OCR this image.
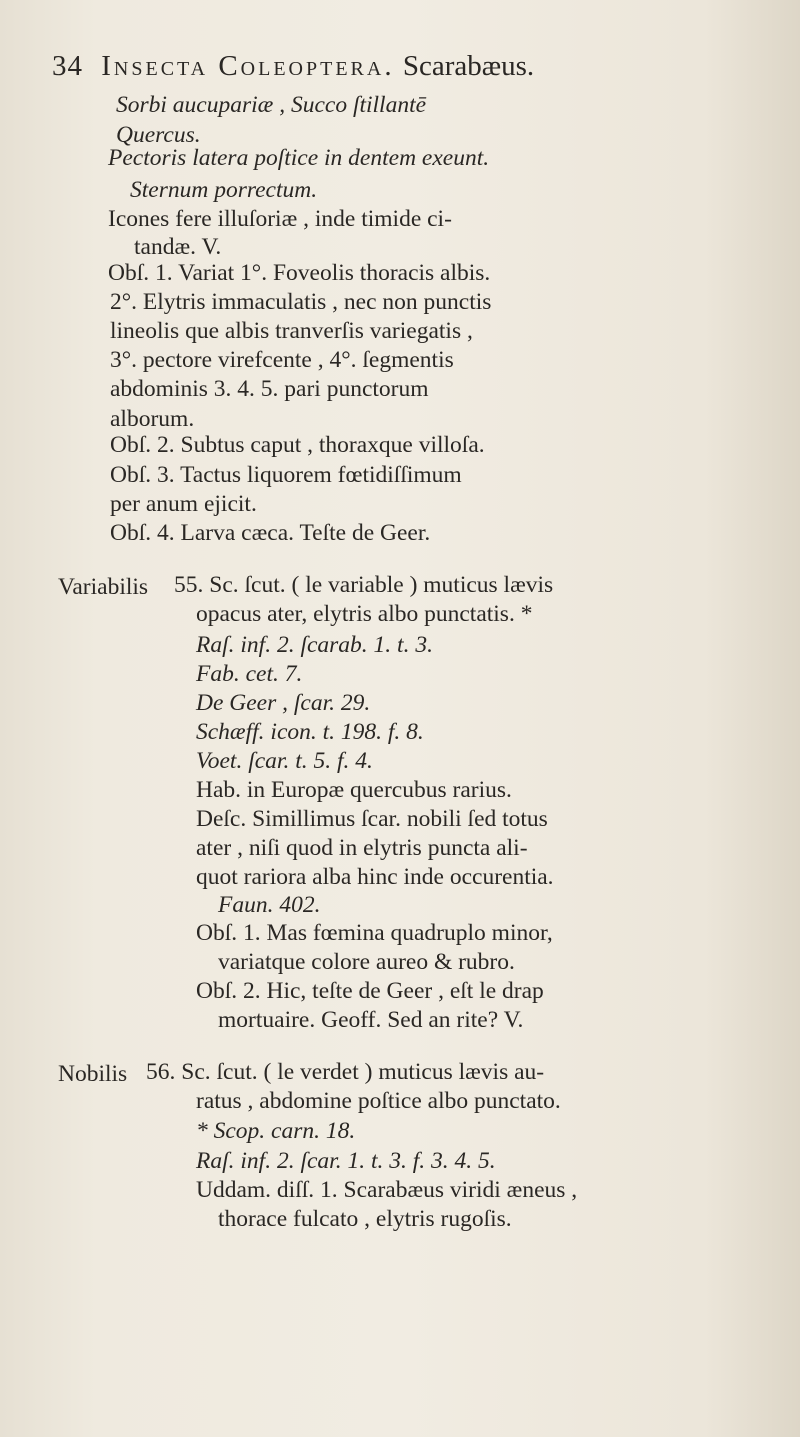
34 Insecta Coleoptera. Scarabæus.
Sorbi aucupariæ , Succo ſtillantē
Quercus.
Pectoris latera poſtice in dentem exeunt.
Sternum porrectum.
Icones fere illuſoriæ , inde timide ci-
tandæ. V.
Obſ. 1. Variat 1°. Foveolis thoracis albis.
2°. Elytris immaculatis , nec non punctis
lineolis que albis tranverſis variegatis ,
3°. pectore virefcente , 4°. ſegmentis
abdominis 3. 4. 5. pari punctorum
alborum.
Obſ. 2. Subtus caput , thoraxque villoſa.
Obſ. 3. Tactus liquorem fœtidiſſimum
per anum ejicit.
Obſ. 4. Larva cæca. Teſte de Geer.
Variabilis 55. Sc. ſcut. ( le variable ) muticus lævis
opacus ater, elytris albo punctatis. *
Raſ. inf. 2. ſcarab. 1. t. 3.
Fab. cet. 7.
De Geer , ſcar. 29.
Schæff. icon. t. 198. f. 8.
Voet. ſcar. t. 5. f. 4.
Hab. in Europæ quercubus rarius.
Deſc. Simillimus ſcar. nobili ſed totus
ater , niſi quod in elytris puncta ali-
quot rariora alba hinc inde occurentia.
Faun. 402.
Obſ. 1. Mas fœmina quadruplo minor,
variatque colore aureo & rubro.
Obſ. 2. Hic, teſte de Geer , eſt le drap
mortuaire. Geoff. Sed an rite? V.
Nobilis 56. Sc. ſcut. ( le verdet ) muticus lævis au-
ratus , abdomine poſtice albo punctato.
* Scop. carn. 18.
Raſ. inf. 2. ſcar. 1. t. 3. f. 3. 4. 5.
Uddam. diſſ. 1. Scarabæus viridi æneus ,
thorace fulcato , elytris rugoſis.
